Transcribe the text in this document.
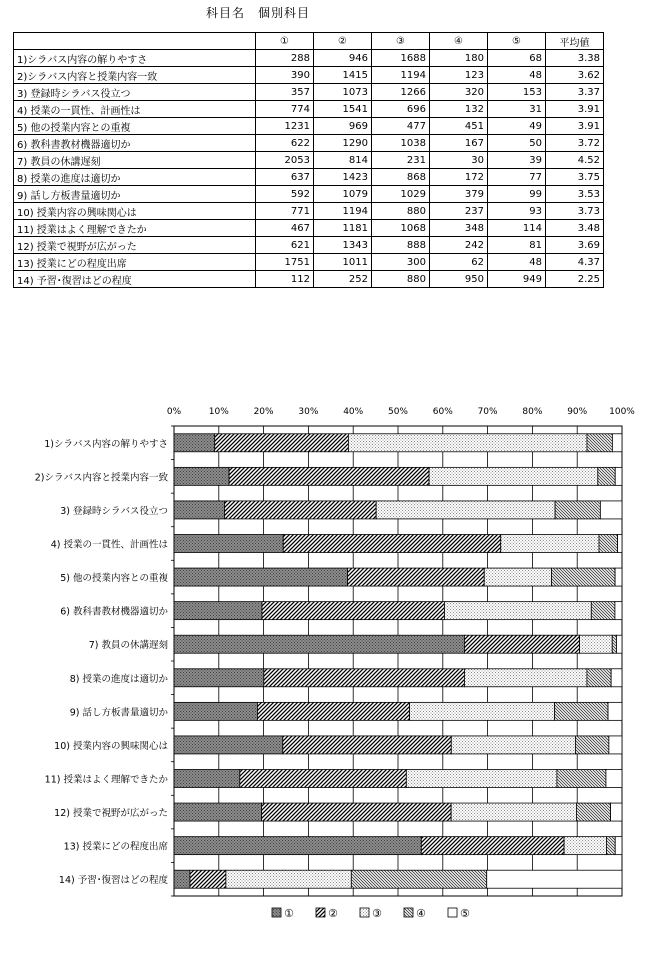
科目名　個別科目
	①	②	③	④	⑤	平均値
1)シラバス内容の解りやすさ	288	946	1688	180	68	3.38
2)シラバス内容と授業内容一致	390	1415	1194	123	48	3.62
3) 登録時シラバス役立つ	357	1073	1266	320	153	3.37
4) 授業の一貫性、計画性は	774	1541	696	132	31	3.91
5) 他の授業内容との重複	1231	969	477	451	49	3.91
6) 教科書教材機器適切か	622	1290	1038	167	50	3.72
7) 教員の休講遅刻	2053	814	231	30	39	4.52
8) 授業の進度は適切か	637	1423	868	172	77	3.75
9) 話し方板書量適切か	592	1079	1029	379	99	3.53
10) 授業内容の興味関心は	771	1194	880	237	93	3.73
11) 授業はよく理解できたか	467	1181	1068	348	114	3.48
12) 授業で視野が広がった	621	1343	888	242	81	3.69
13) 授業にどの程度出席	1751	1011	300	62	48	4.37
14) 予習･復習はどの程度	112	252	880	950	949	2.25
0%	10%	20%	30%	40%	50%	60%	70%	80%	90% 100%
1)シラバス内容の解りやすさ
2)シラバス内容と授業内容一致
3) 登録時シラバス役立つ
4) 授業の一貫性、計画性は
5) 他の授業内容との重複
6) 教科書教材機器適切か
7) 教員の休講遅刻
8) 授業の進度は適切か
9) 話し方板書量適切か
10) 授業内容の興味関心は
11) 授業はよく理解できたか
12) 授業で視野が広がった
13) 授業にどの程度出席
14) 予習･復習はどの程度
①	②	③	④	⑤
